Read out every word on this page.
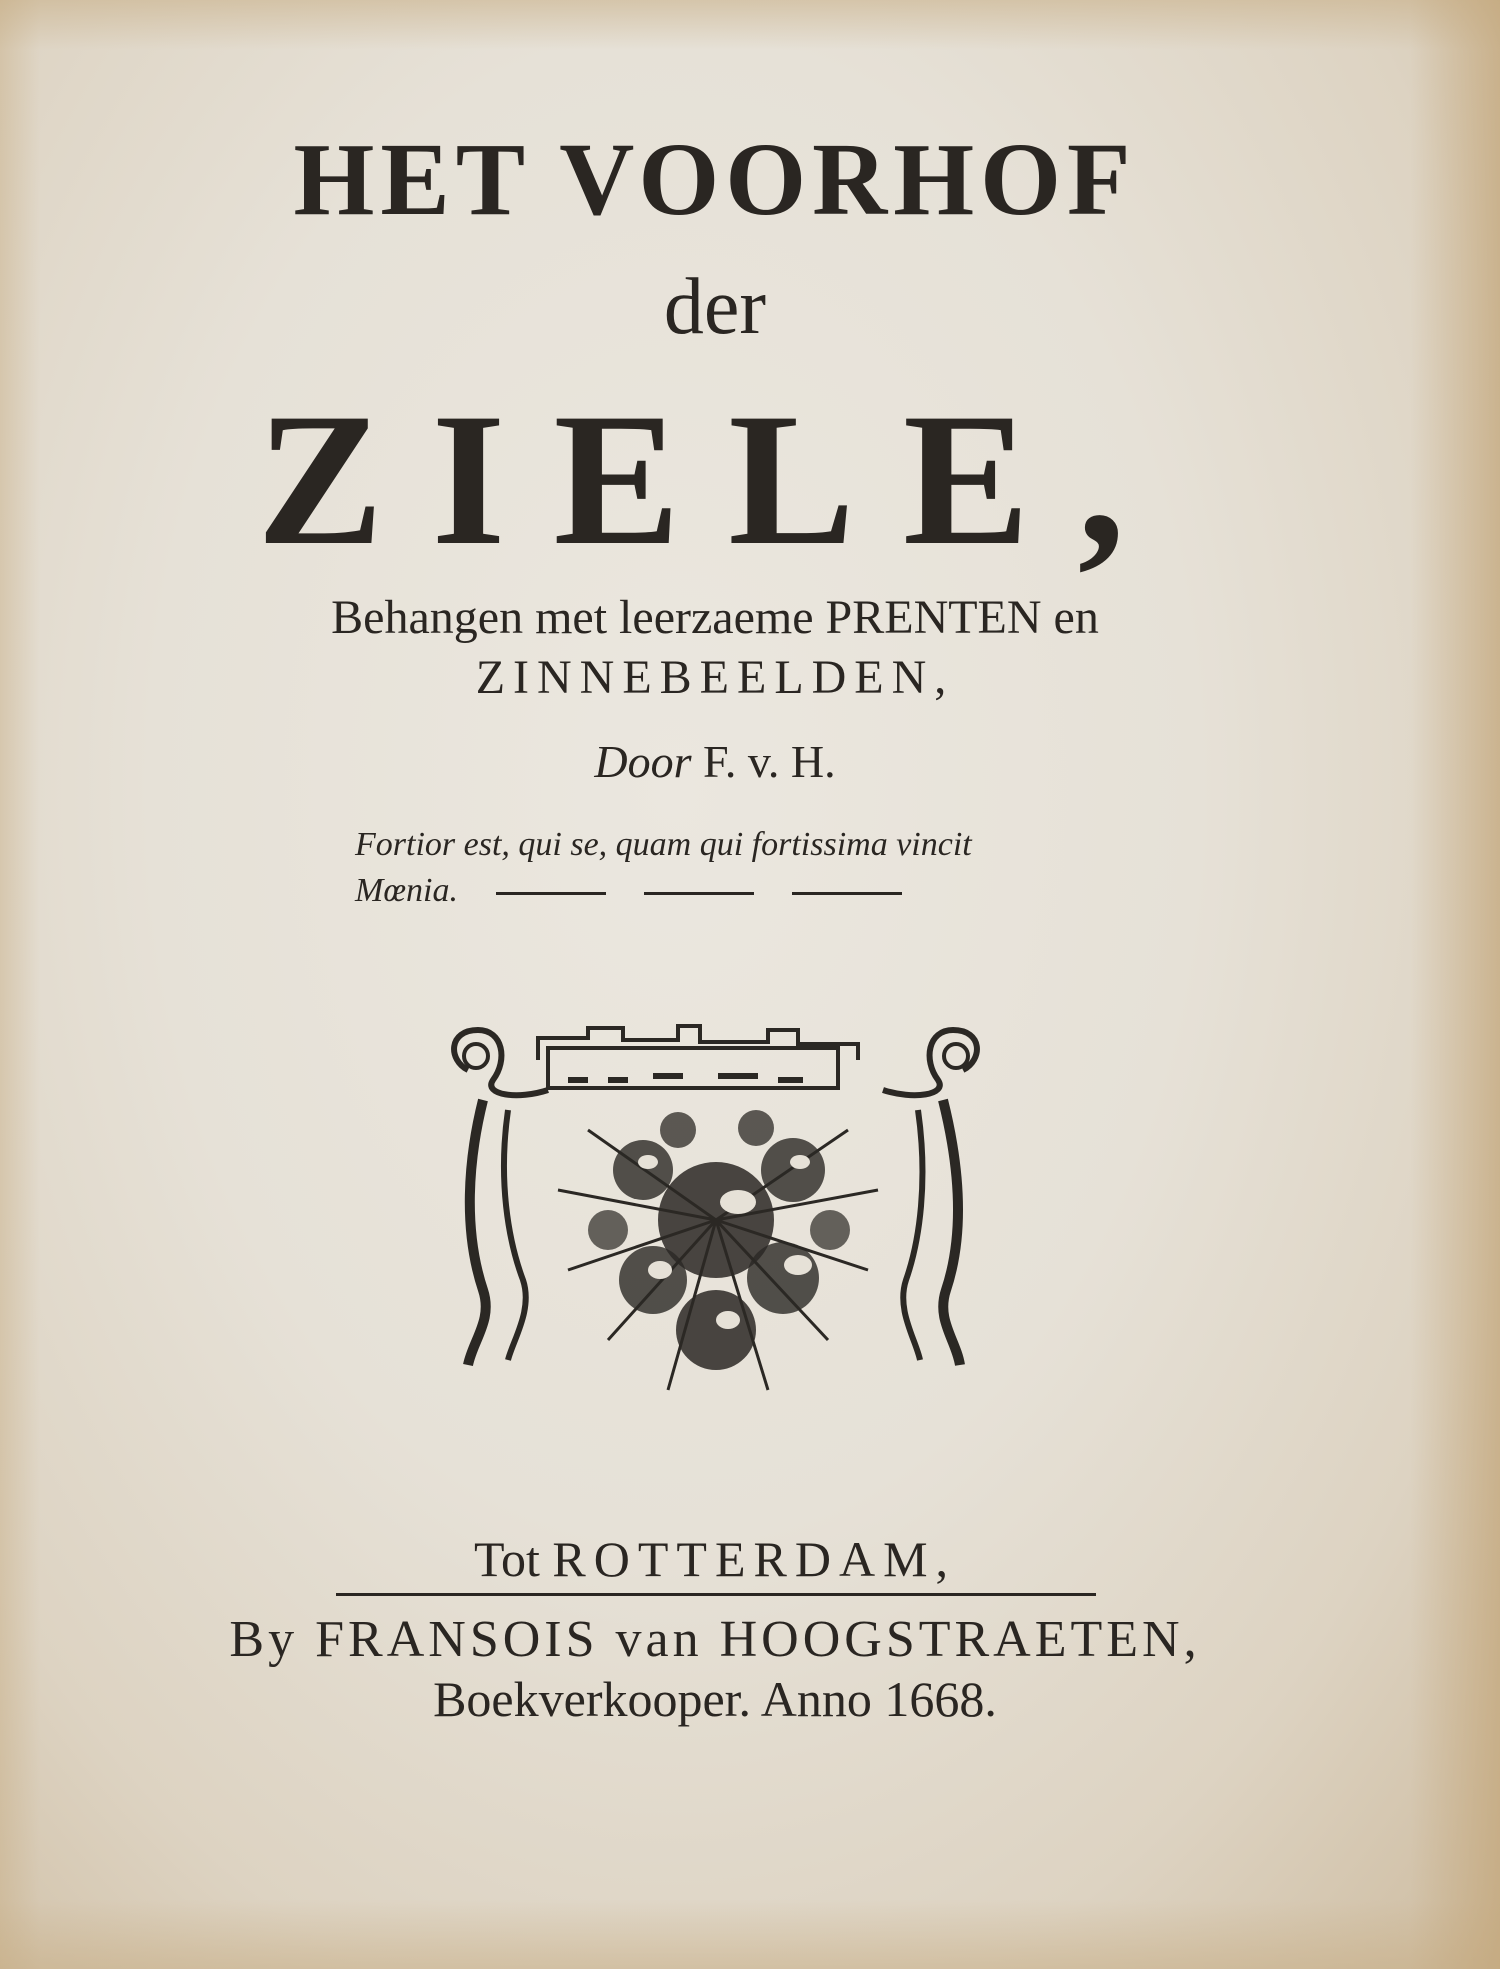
HET VOORHOF
der
ZIELE,
Behangen met leerzaeme PRENTEN en
ZINNEBEELDEN,
Door F. v. H.
Fortior est, qui se, quam qui fortissima vincit
Mœnia.
Tot ROTTERDAM,
By FRANSOIS van HOOGSTRAETEN,
Boekverkooper. Anno 1668.
